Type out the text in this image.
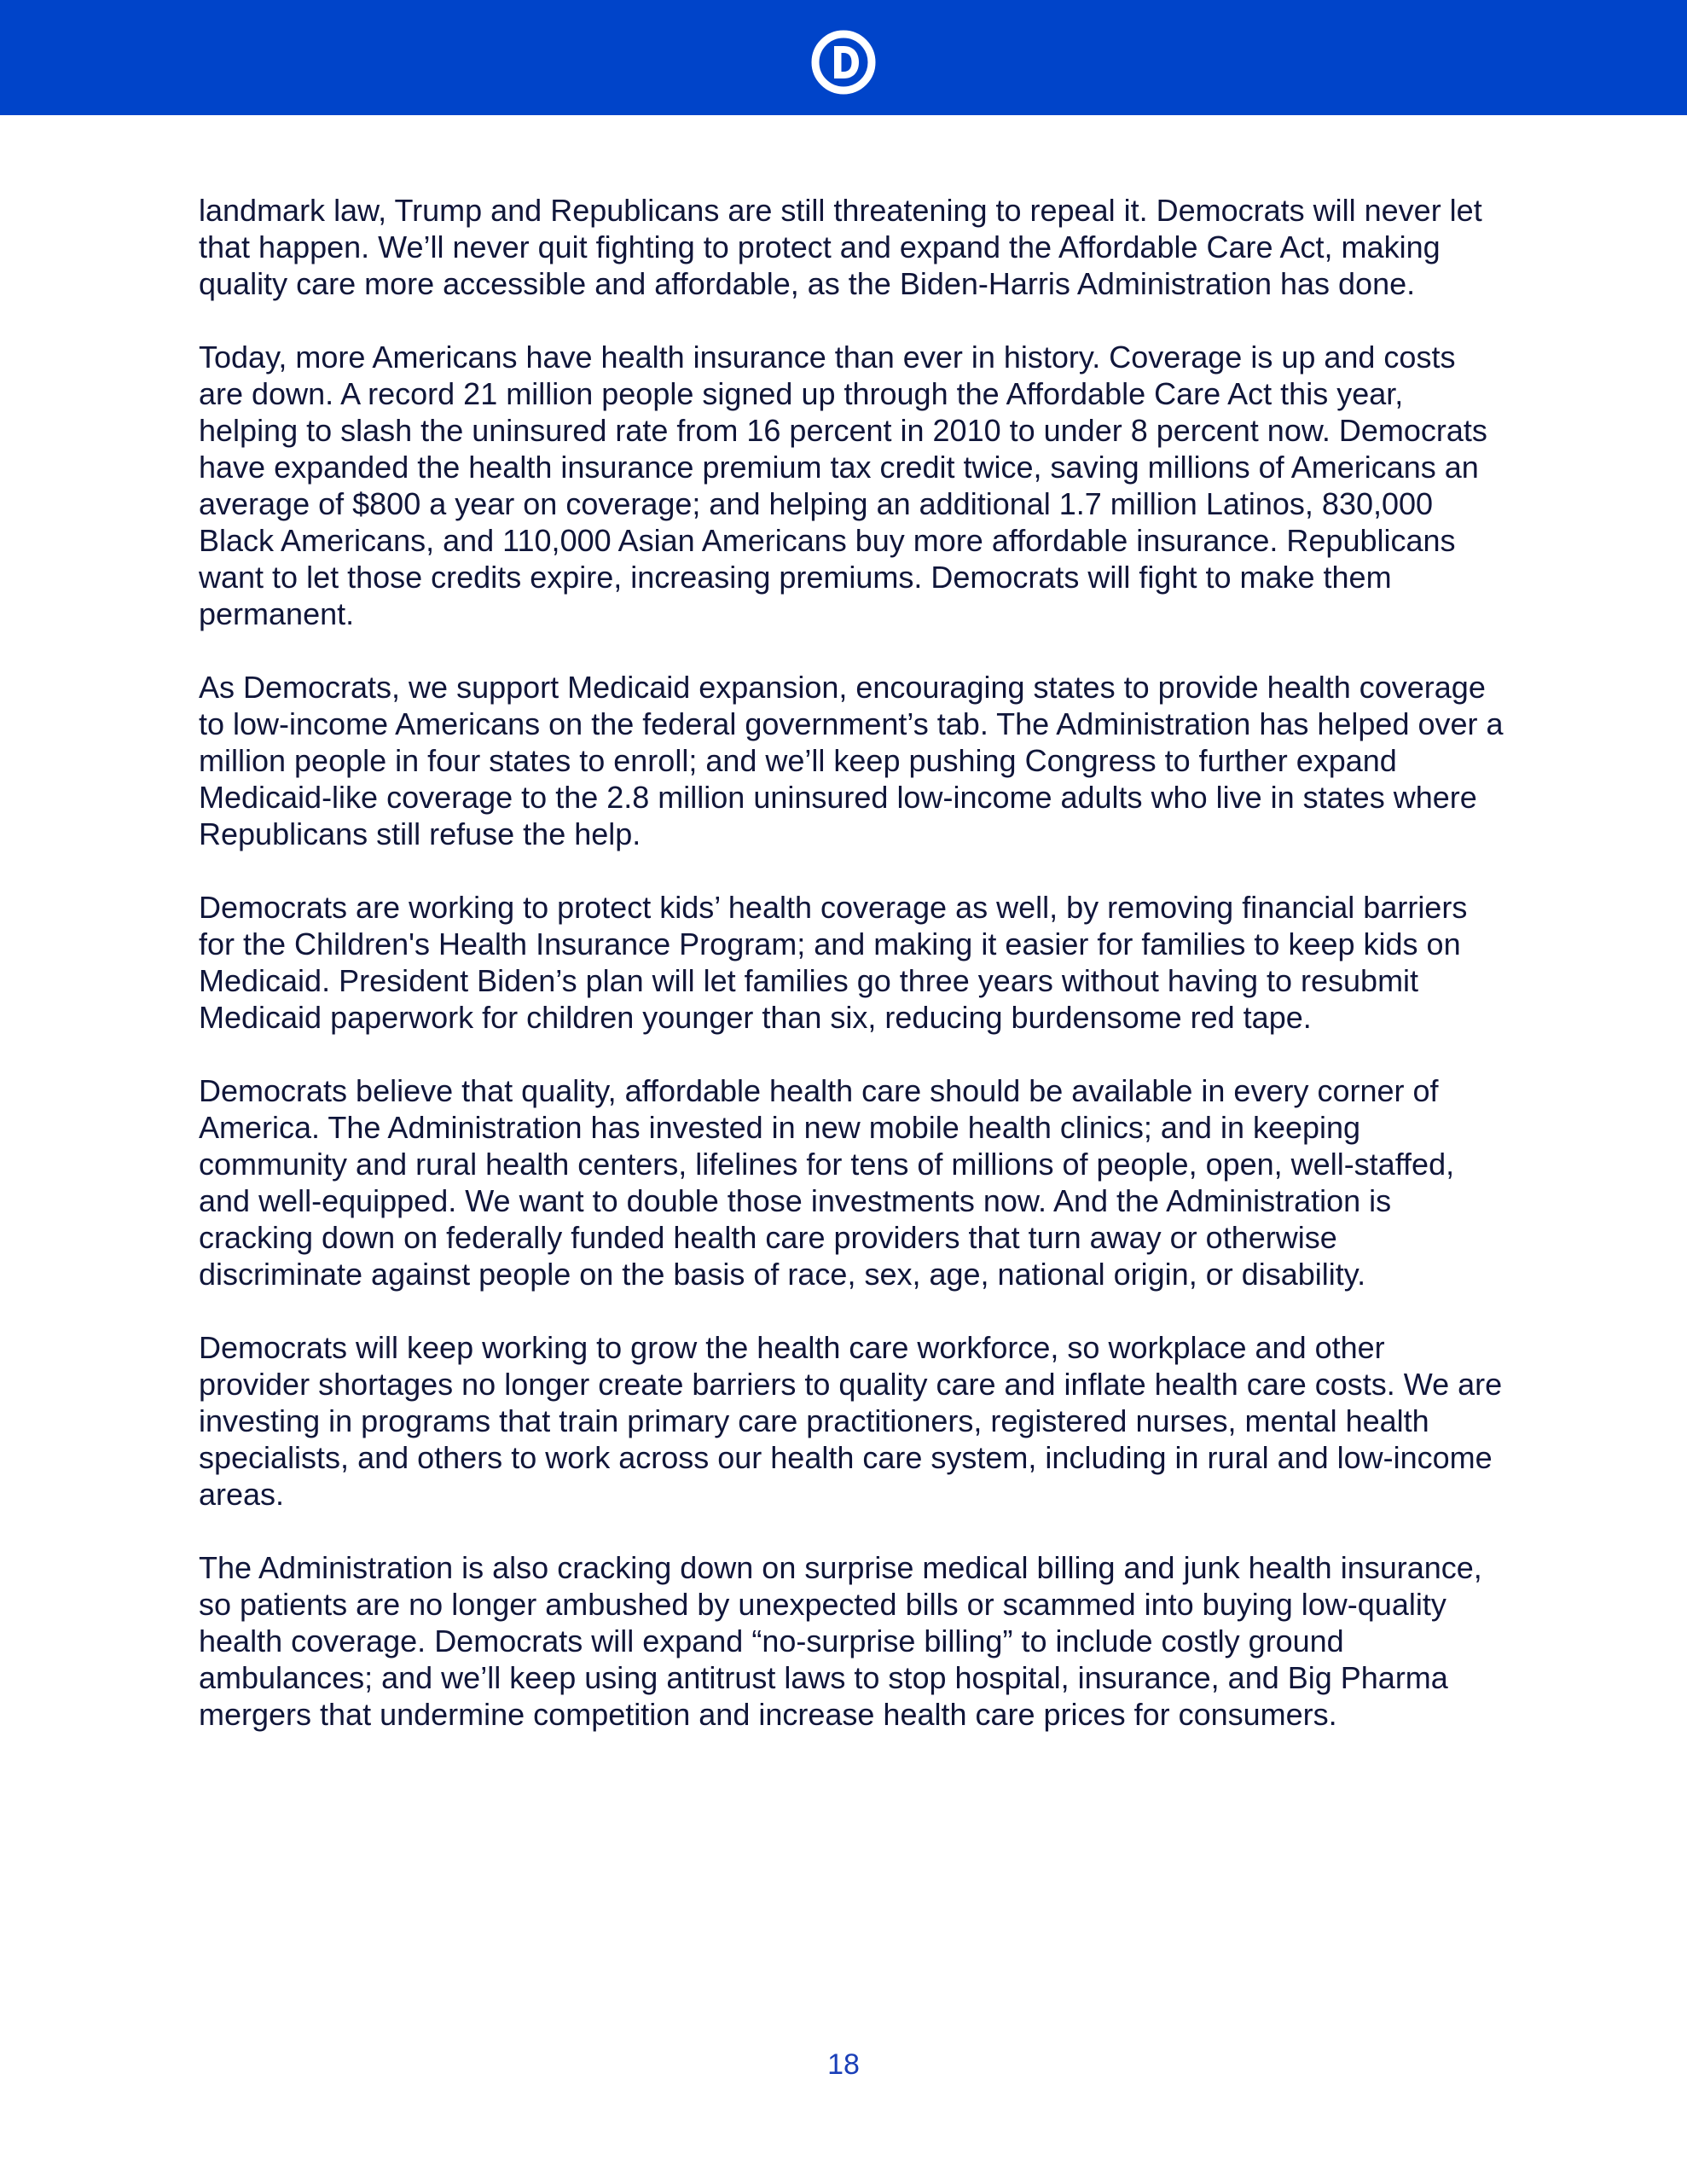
landmark law, Trump and Republicans are still threatening to repeal it. Democrats will never let that happen. We’ll never quit fighting to protect and expand the Affordable Care Act, making quality care more accessible and affordable, as the Biden-Harris Administration has done.

Today, more Americans have health insurance than ever in history. Coverage is up and costs are down. A record 21 million people signed up through the Affordable Care Act this year, helping to slash the uninsured rate from 16 percent in 2010 to under 8 percent now. Democrats have expanded the health insurance premium tax credit twice, saving millions of Americans an average of $800 a year on coverage; and helping an additional 1.7 million Latinos, 830,000 Black Americans, and 110,000 Asian Americans buy more affordable insurance. Republicans want to let those credits expire, increasing premiums. Democrats will fight to make them permanent.

As Democrats, we support Medicaid expansion, encouraging states to provide health coverage to low-income Americans on the federal government’s tab. The Administration has helped over a million people in four states to enroll; and we’ll keep pushing Congress to further expand Medicaid-like coverage to the 2.8 million uninsured low-income adults who live in states where Republicans still refuse the help.

Democrats are working to protect kids’ health coverage as well, by removing financial barriers for the Children's Health Insurance Program; and making it easier for families to keep kids on Medicaid. President Biden’s plan will let families go three years without having to resubmit Medicaid paperwork for children younger than six, reducing burdensome red tape.

Democrats believe that quality, affordable health care should be available in every corner of America. The Administration has invested in new mobile health clinics; and in keeping community and rural health centers, lifelines for tens of millions of people, open, well-staffed, and well-equipped. We want to double those investments now. And the Administration is cracking down on federally funded health care providers that turn away or otherwise discriminate against people on the basis of race, sex, age, national origin, or disability.

Democrats will keep working to grow the health care workforce, so workplace and other provider shortages no longer create barriers to quality care and inflate health care costs. We are investing in programs that train primary care practitioners, registered nurses, mental health specialists, and others to work across our health care system, including in rural and low-income areas.

The Administration is also cracking down on surprise medical billing and junk health insurance, so patients are no longer ambushed by unexpected bills or scammed into buying low-quality health coverage. Democrats will expand “no-surprise billing” to include costly ground ambulances; and we’ll keep using antitrust laws to stop hospital, insurance, and Big Pharma mergers that undermine competition and increase health care prices for consumers.

18
